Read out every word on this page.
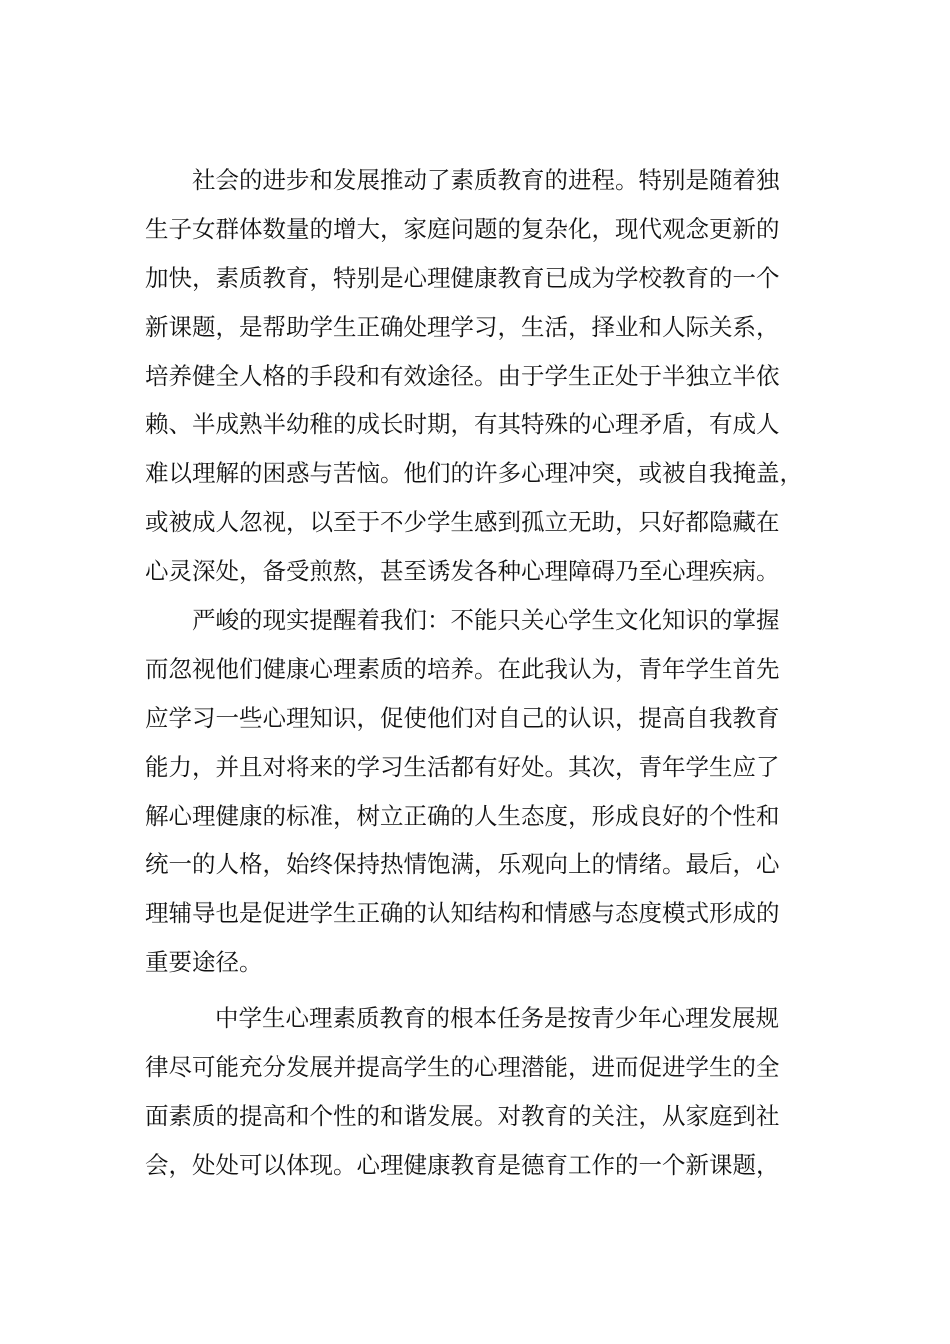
社会的进步和发展推动了素质教育的进程。特别是随着独
生子女群体数量的增大，家庭问题的复杂化，现代观念更新的
加快，素质教育，特别是心理健康教育已成为学校教育的一个
新课题，是帮助学生正确处理学习，生活，择业和人际关系，
培养健全人格的手段和有效途径。由于学生正处于半独立半依
赖、半成熟半幼稚的成长时期，有其特殊的心理矛盾，有成人
难以理解的困惑与苦恼。他们的许多心理冲突，或被自我掩盖，
或被成人忽视，以至于不少学生感到孤立无助，只好都隐藏在
心灵深处，备受煎熬，甚至诱发各种心理障碍乃至心理疾病。
严峻的现实提醒着我们：不能只关心学生文化知识的掌握
而忽视他们健康心理素质的培养。在此我认为，青年学生首先
应学习一些心理知识，促使他们对自己的认识，提高自我教育
能力，并且对将来的学习生活都有好处。其次，青年学生应了
解心理健康的标准，树立正确的人生态度，形成良好的个性和
统一的人格，始终保持热情饱满，乐观向上的情绪。最后，心
理辅导也是促进学生正确的认知结构和情感与态度模式形成的
重要途径。
中学生心理素质教育的根本任务是按青少年心理发展规
律尽可能充分发展并提高学生的心理潜能，进而促进学生的全
面素质的提高和个性的和谐发展。对教育的关注，从家庭到社
会，处处可以体现。心理健康教育是德育工作的一个新课题，
